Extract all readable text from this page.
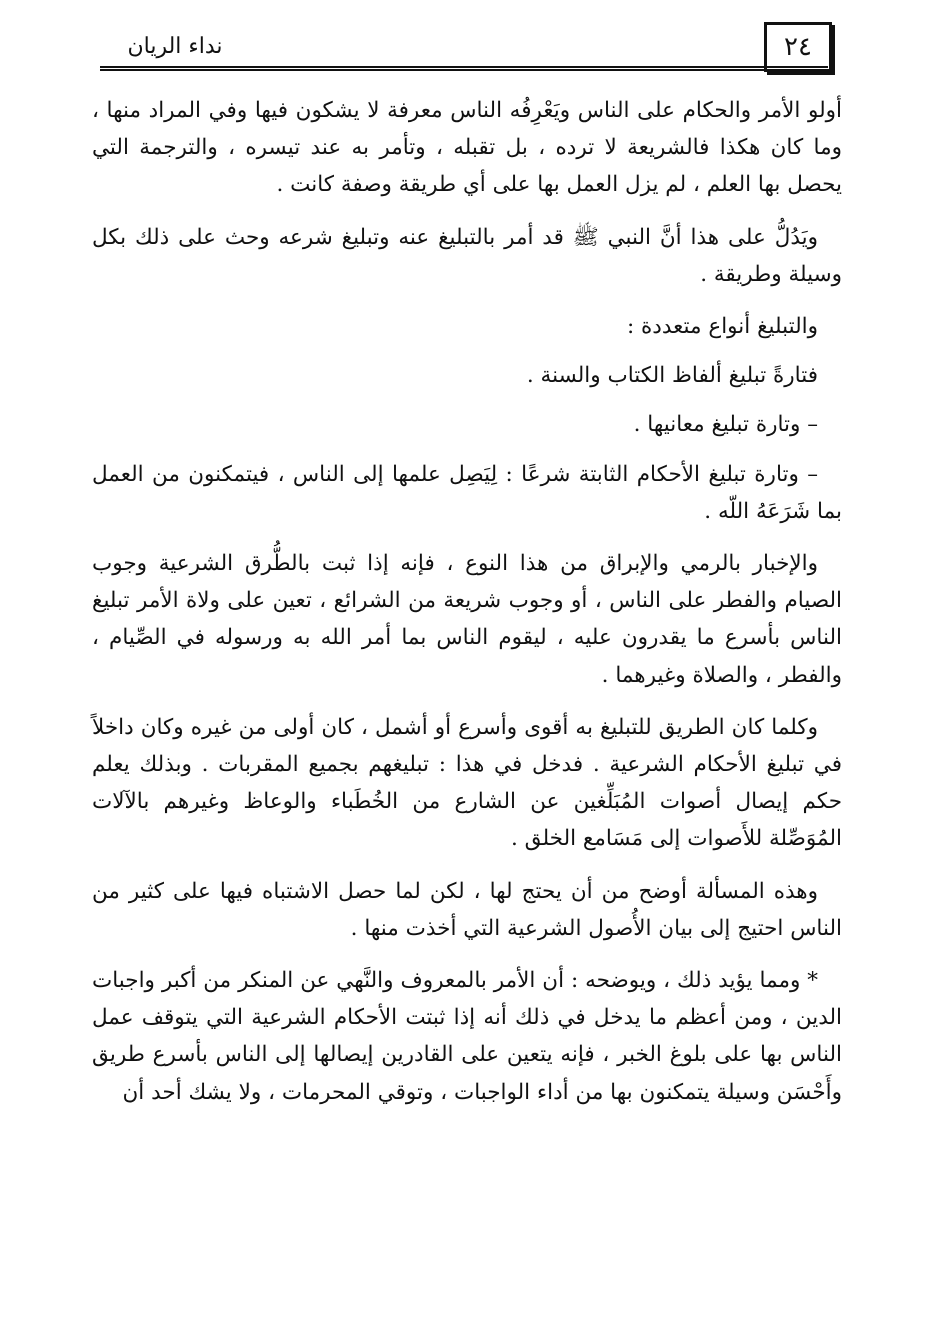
٢٤
نداء الريان

أولو الأمر والحكام على الناس ويَعْرِفُه الناس معرفة لا يشكون فيها وفي المراد منها ، وما كان هكذا فالشريعة لا ترده ، بل تقبله ، وتأمر به عند تيسره ، والترجمة التي يحصل بها العلم ، لم يزل العمل بها على أي طريقة وصفة كانت .

ويَدُلُّ على هذا أنَّ النبي ﷺ قد أمر بالتبليغ عنه وتبليغ شرعه وحث على ذلك بكل وسيلة وطريقة .

والتبليغ أنواع متعددة :

فتارةً تبليغ ألفاظ الكتاب والسنة .

– وتارة تبليغ معانيها .

– وتارة تبليغ الأحكام الثابتة شرعًا : لِيَصِل علمها إلى الناس ، فيتمكنون من العمل بما شَرَعَهُ اللّه .

والإخبار بالرمي والإبراق من هذا النوع ، فإنه إذا ثبت بالطُّرق الشرعية وجوب الصيام والفطر على الناس ، أو وجوب شريعة من الشرائع ، تعين على ولاة الأمر تبليغ الناس بأسرع ما يقدرون عليه ، ليقوم الناس بما أمر الله به ورسوله في الصِّيام ، والفطر ، والصلاة وغيرهما .

وكلما كان الطريق للتبليغ به أقوى وأسرع أو أشمل ، كان أولى من غيره وكان داخلاً في تبليغ الأحكام الشرعية . فدخل في هذا : تبليغهم بجميع المقربات . وبذلك يعلم حكم إيصال أصوات المُبَلِّغين عن الشارع من الخُطَباء والوعاظ وغيرهم بالآلات المُوَصِّلة للأَصوات إلى مَسَامع الخلق .

وهذه المسألة أوضح من أن يحتج لها ، لكن لما حصل الاشتباه فيها على كثير من الناس احتيج إلى بيان الأُصول الشرعية التي أخذت منها .

* ومما يؤيد ذلك ، ويوضحه : أن الأمر بالمعروف والنَّهي عن المنكر من أكبر واجبات الدين ، ومن أعظم ما يدخل في ذلك أنه إذا ثبتت الأحكام الشرعية التي يتوقف عمل الناس بها على بلوغ الخبر ، فإنه يتعين على القادرين إيصالها إلى الناس بأسرع طريق وأَحْسَن وسيلة يتمكنون بها من أداء الواجبات ، وتوقي المحرمات ، ولا يشك أحد أن
